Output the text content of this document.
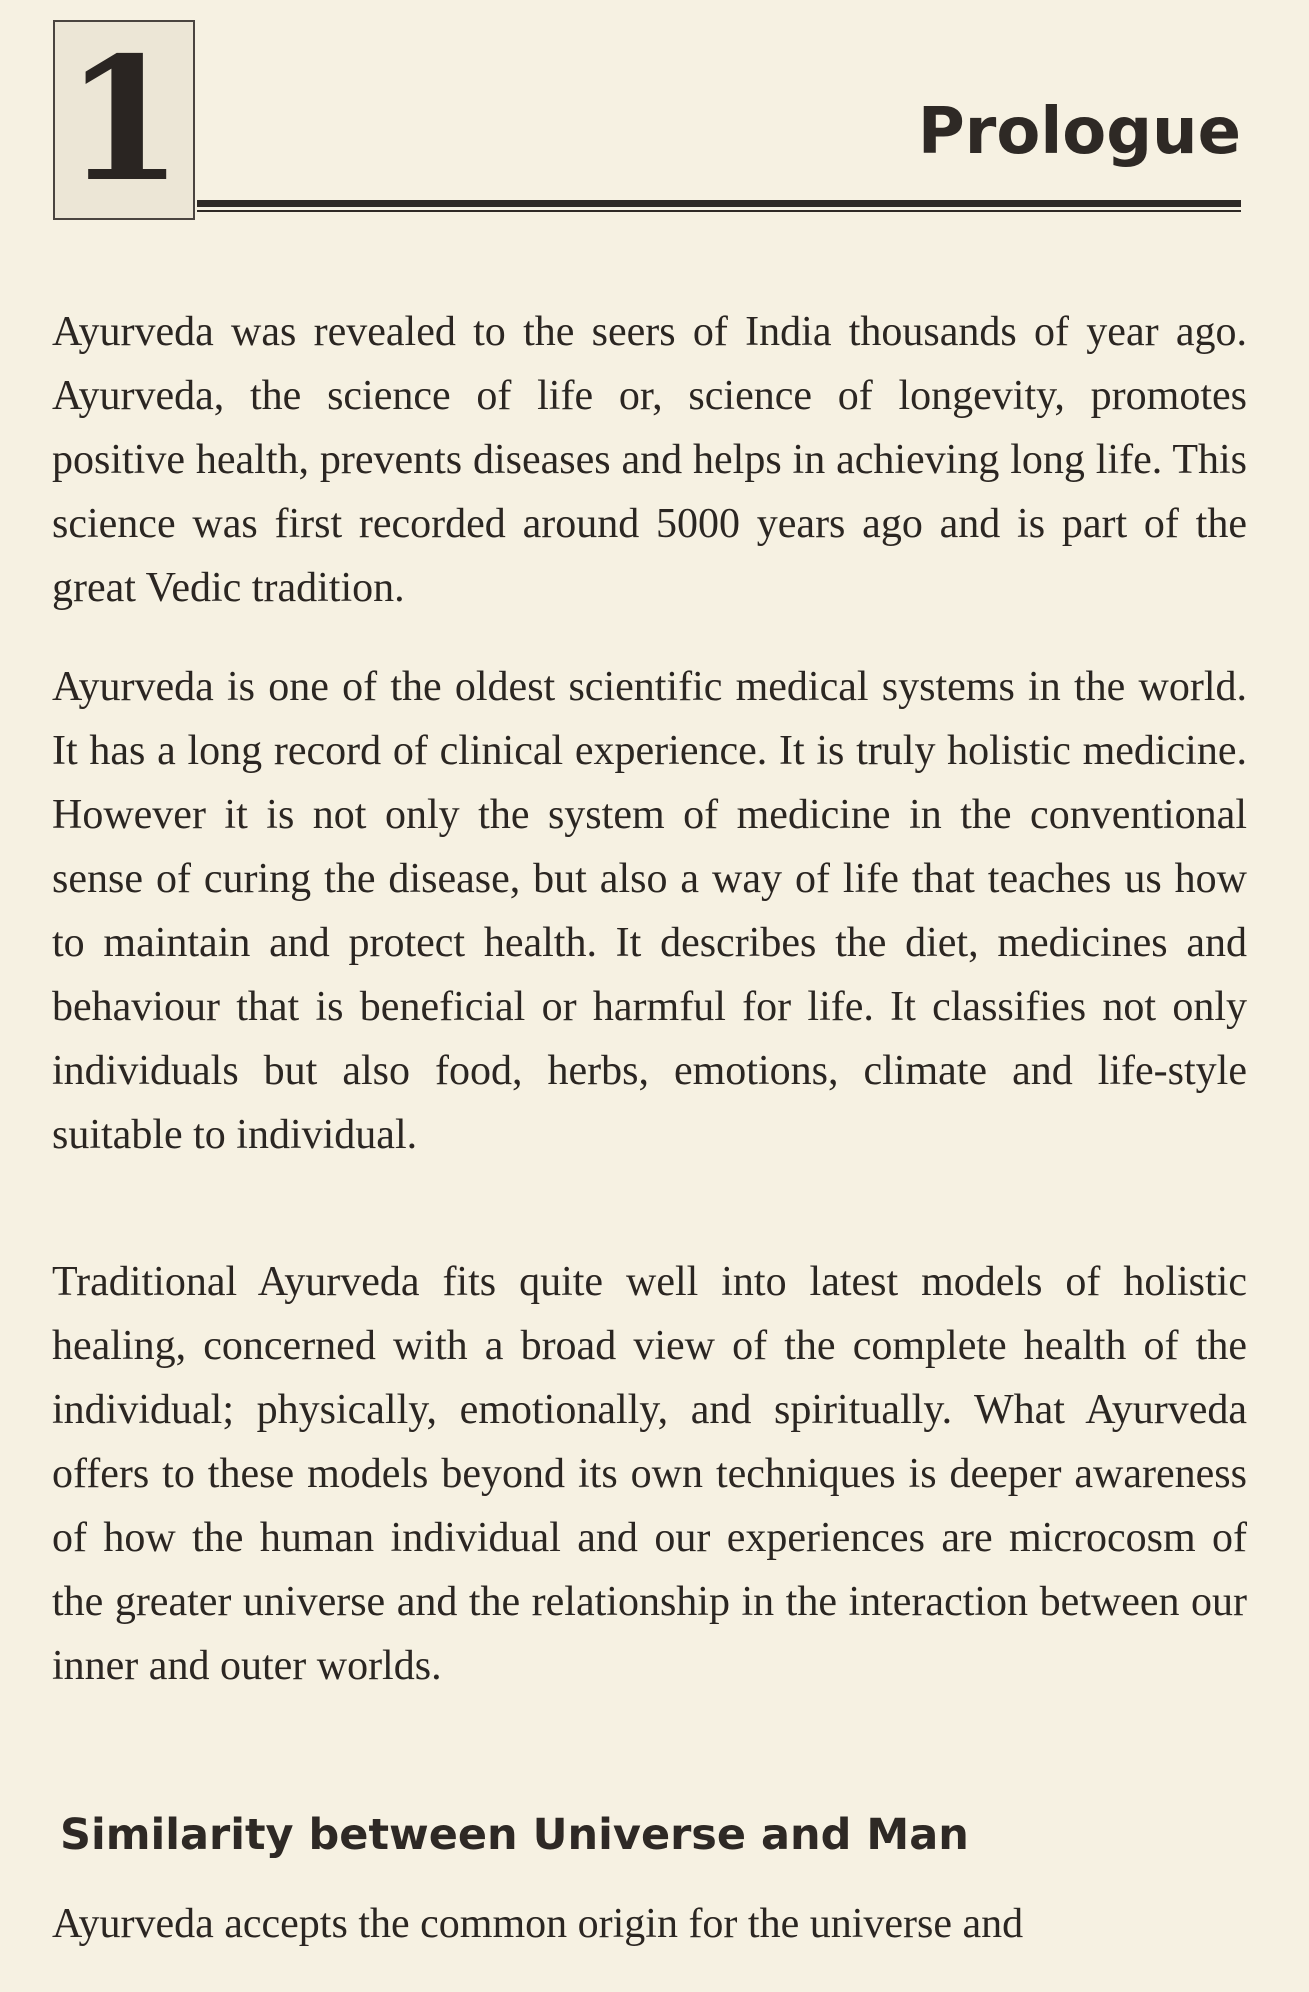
1	Prologue

Ayurveda was revealed to the seers of India thousands of year ago. Ayurveda, the science of life or, science of longevity, promotes positive health, prevents diseases and helps in achieving long life. This science was first recorded around 5000 years ago and is part of the great Vedic tradition.

Ayurveda is one of the oldest scientific medical systems in the world. It has a long record of clinical experience. It is truly holistic medicine. However it is not only the system of medicine in the conventional sense of curing the disease, but also a way of life that teaches us how to maintain and protect health. It describes the diet, medicines and behaviour that is beneficial or harmful for life. It classifies not only individuals but also food, herbs, emotions, climate and life-style suitable to individual.

Traditional Ayurveda fits quite well into latest models of holistic healing, concerned with a broad view of the complete health of the individual; physically, emotionally, and spiritually. What Ayurveda offers to these models beyond its own techniques is deeper awareness of how the human individual and our experiences are microcosm of the greater universe and the relationship in the interaction between our inner and outer worlds.

Similarity between Universe and Man

Ayurveda accepts the common origin for the universe and
